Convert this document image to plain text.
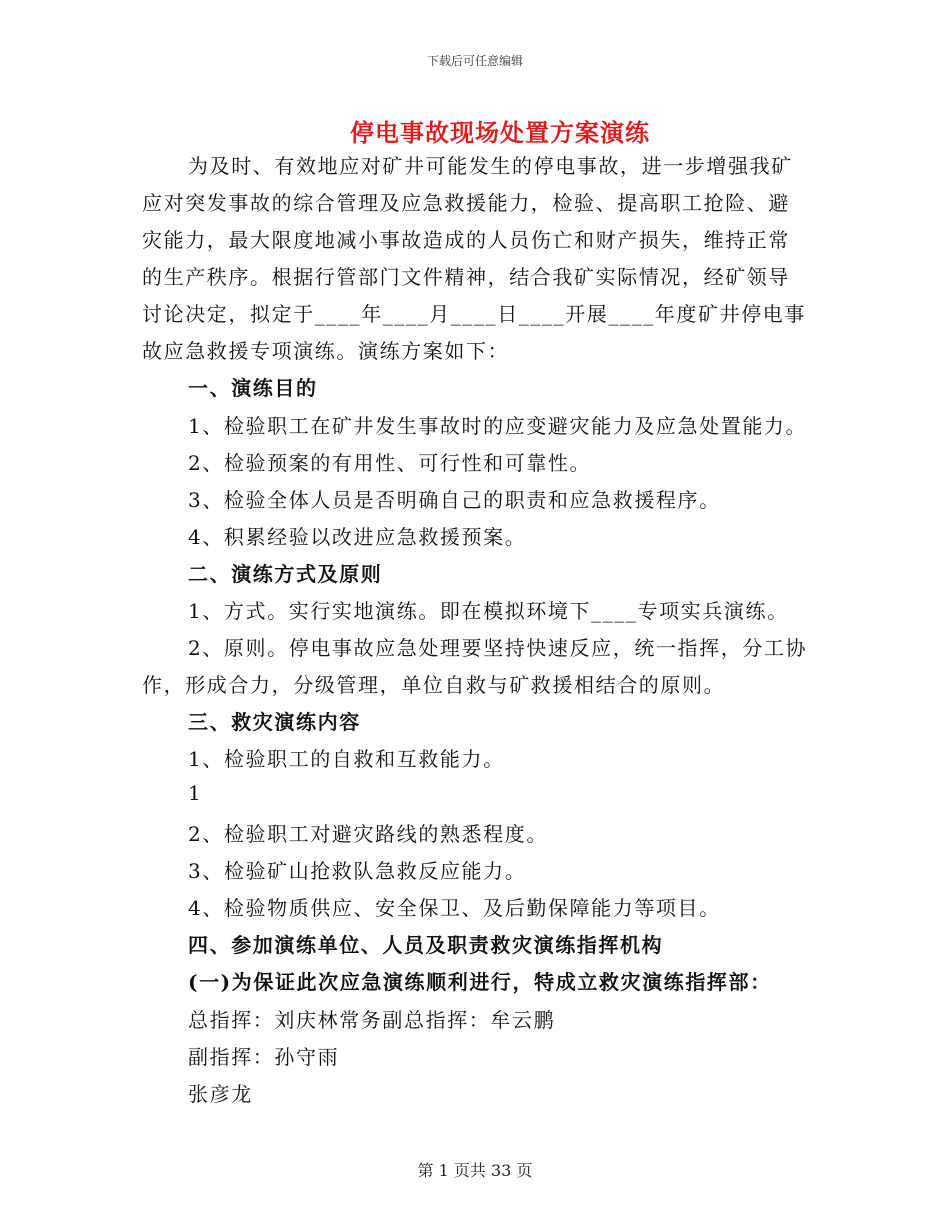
下载后可任意编辑
停电事故现场处置方案演练
为及时、有效地应对矿井可能发生的停电事故，进一步增强我矿
应对突发事故的综合管理及应急救援能力，检验、提高职工抢险、避
灾能力，最大限度地减小事故造成的人员伤亡和财产损失，维持正常
的生产秩序。根据行管部门文件精神，结合我矿实际情况，经矿领导
讨论决定，拟定于____年____月____日____开展____年度矿井停电事
故应急救援专项演练。演练方案如下：
一、演练目的
1、检验职工在矿井发生事故时的应变避灾能力及应急处置能力。
2、检验预案的有用性、可行性和可靠性。
3、检验全体人员是否明确自己的职责和应急救援程序。
4、积累经验以改进应急救援预案。
二、演练方式及原则
1、方式。实行实地演练。即在模拟环境下____专项实兵演练。
2、原则。停电事故应急处理要坚持快速反应，统一指挥，分工协
作，形成合力，分级管理，单位自救与矿救援相结合的原则。
三、救灾演练内容
1、检验职工的自救和互救能力。
1
2、检验职工对避灾路线的熟悉程度。
3、检验矿山抢救队急救反应能力。
4、检验物质供应、安全保卫、及后勤保障能力等项目。
四、参加演练单位、人员及职责救灾演练指挥机构
(一)为保证此次应急演练顺利进行，特成立救灾演练指挥部：
总指挥：刘庆林常务副总指挥：牟云鹏
副指挥：孙守雨
张彦龙
第 1 页共 33 页
